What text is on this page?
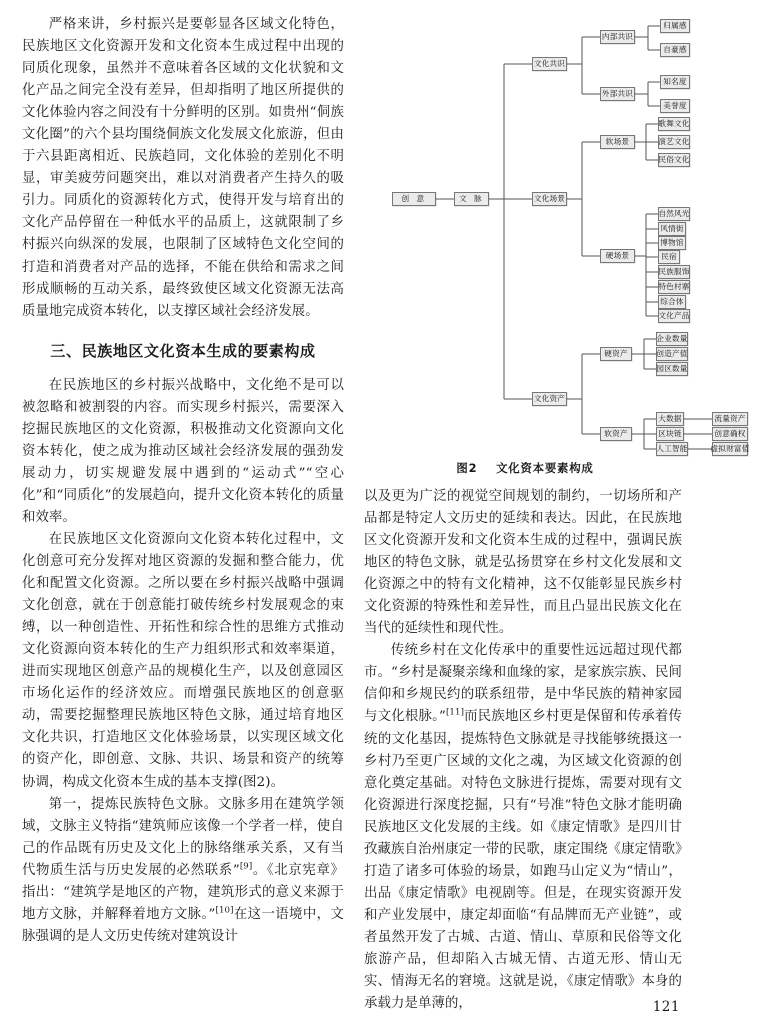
严格来讲，乡村振兴是要彰显各区域文化特色，民族地区文化资源开发和文化资本生成过程中出现的同质化现象，虽然并不意味着各区域的文化状貌和文化产品之间完全没有差异，但却指明了地区所提供的文化体验内容之间没有十分鲜明的区别。如贵州“侗族文化圈”的六个县均围绕侗族文化发展文化旅游，但由于六县距离相近、民族趋同，文化体验的差别化不明显，审美疲劳问题突出，难以对消费者产生持久的吸引力。同质化的资源转化方式，使得开发与培育出的文化产品停留在一种低水平的品质上，这就限制了乡村振兴向纵深的发展，也限制了区域特色文化空间的打造和消费者对产品的选择，不能在供给和需求之间形成顺畅的互动关系，最终致使区域文化资源无法高质量地完成资本转化，以支撑区域社会经济发展。

三、民族地区文化资本生成的要素构成

在民族地区的乡村振兴战略中，文化绝不是可以被忽略和被割裂的内容。而实现乡村振兴，需要深入挖掘民族地区的文化资源，积极推动文化资源向文化资本转化，使之成为推动区域社会经济发展的强劲发展动力，切实规避发展中遇到的“运动式”“空心化”和“同质化”的发展趋向，提升文化资本转化的质量和效率。

在民族地区文化资源向文化资本转化过程中，文化创意可充分发挥对地区资源的发掘和整合能力，优化和配置文化资源。之所以要在乡村振兴战略中强调文化创意，就在于创意能打破传统乡村发展观念的束缚，以一种创造性、开拓性和综合性的思维方式推动文化资源向资本转化的生产力组织形式和效率渠道，进而实现地区创意产品的规模化生产，以及创意园区市场化运作的经济效应。而增强民族地区的创意驱动，需要挖掘整理民族地区特色文脉，通过培育地区文化共识，打造地区文化体验场景，以实现区域文化的资产化，即创意、文脉、共识、场景和资产的统筹协调，构成文化资本生成的基本支撑(图2)。

第一，提炼民族特色文脉。文脉多用在建筑学领域，文脉主义特指“建筑师应该像一个学者一样，使自己的作品既有历史及文化上的脉络继承关系，又有当代物质生活与历史发展的必然联系”[9]。《北京宪章》指出：“建筑学是地区的产物，建筑形式的意义来源于地方文脉，并解释着地方文脉。”[10]在这一语境中，文脉强调的是人文历史传统对建筑设计

创 意	文 脉
文化共识
内部共识
外部共识
归属感
自豪感
知名度
美誉度
文化场景
软场景
硬场景
歌舞文化
演艺文化
民俗文化
自然风光
风情街
博物馆
民宿
民族服饰
特色村寨
综合体
文化产品
文化资产
硬资产
软资产
企业数量
创造产值
园区数量
大数据
区块链
人工智能
流量资产
创意确权
虚拟财富值
图2 文化资本要素构成

以及更为广泛的视觉空间规划的制约，一切场所和产品都是特定人文历史的延续和表达。因此，在民族地区文化资源开发和文化资本生成的过程中，强调民族地区的特色文脉，就是弘扬贯穿在乡村文化发展和文化资源之中的特有文化精神，这不仅能彰显民族乡村文化资源的特殊性和差异性，而且凸显出民族文化在当代的延续性和现代性。

传统乡村在文化传承中的重要性远远超过现代都市。“乡村是凝聚亲缘和血缘的家，是家族宗族、民间信仰和乡规民约的联系纽带，是中华民族的精神家园与文化根脉。”[11]而民族地区乡村更是保留和传承着传统的文化基因，提炼特色文脉就是寻找能够统摄这一乡村乃至更广区域的文化之魂，为区域文化资源的创意化奠定基础。对特色文脉进行提炼，需要对现有文化资源进行深度挖掘，只有“号准”特色文脉才能明确民族地区文化发展的主线。如《康定情歌》是四川甘孜藏族自治州康定一带的民歌，康定围绕《康定情歌》打造了诸多可体验的场景，如跑马山定义为“情山”，出品《康定情歌》电视剧等。但是，在现实资源开发和产业发展中，康定却面临“有品牌而无产业链”，或者虽然开发了古城、古道、情山、草原和民俗等文化旅游产品，但却陷入古城无情、古道无形、情山无实、情海无名的窘境。这就是说，《康定情歌》本身的承载力是单薄的，	121
